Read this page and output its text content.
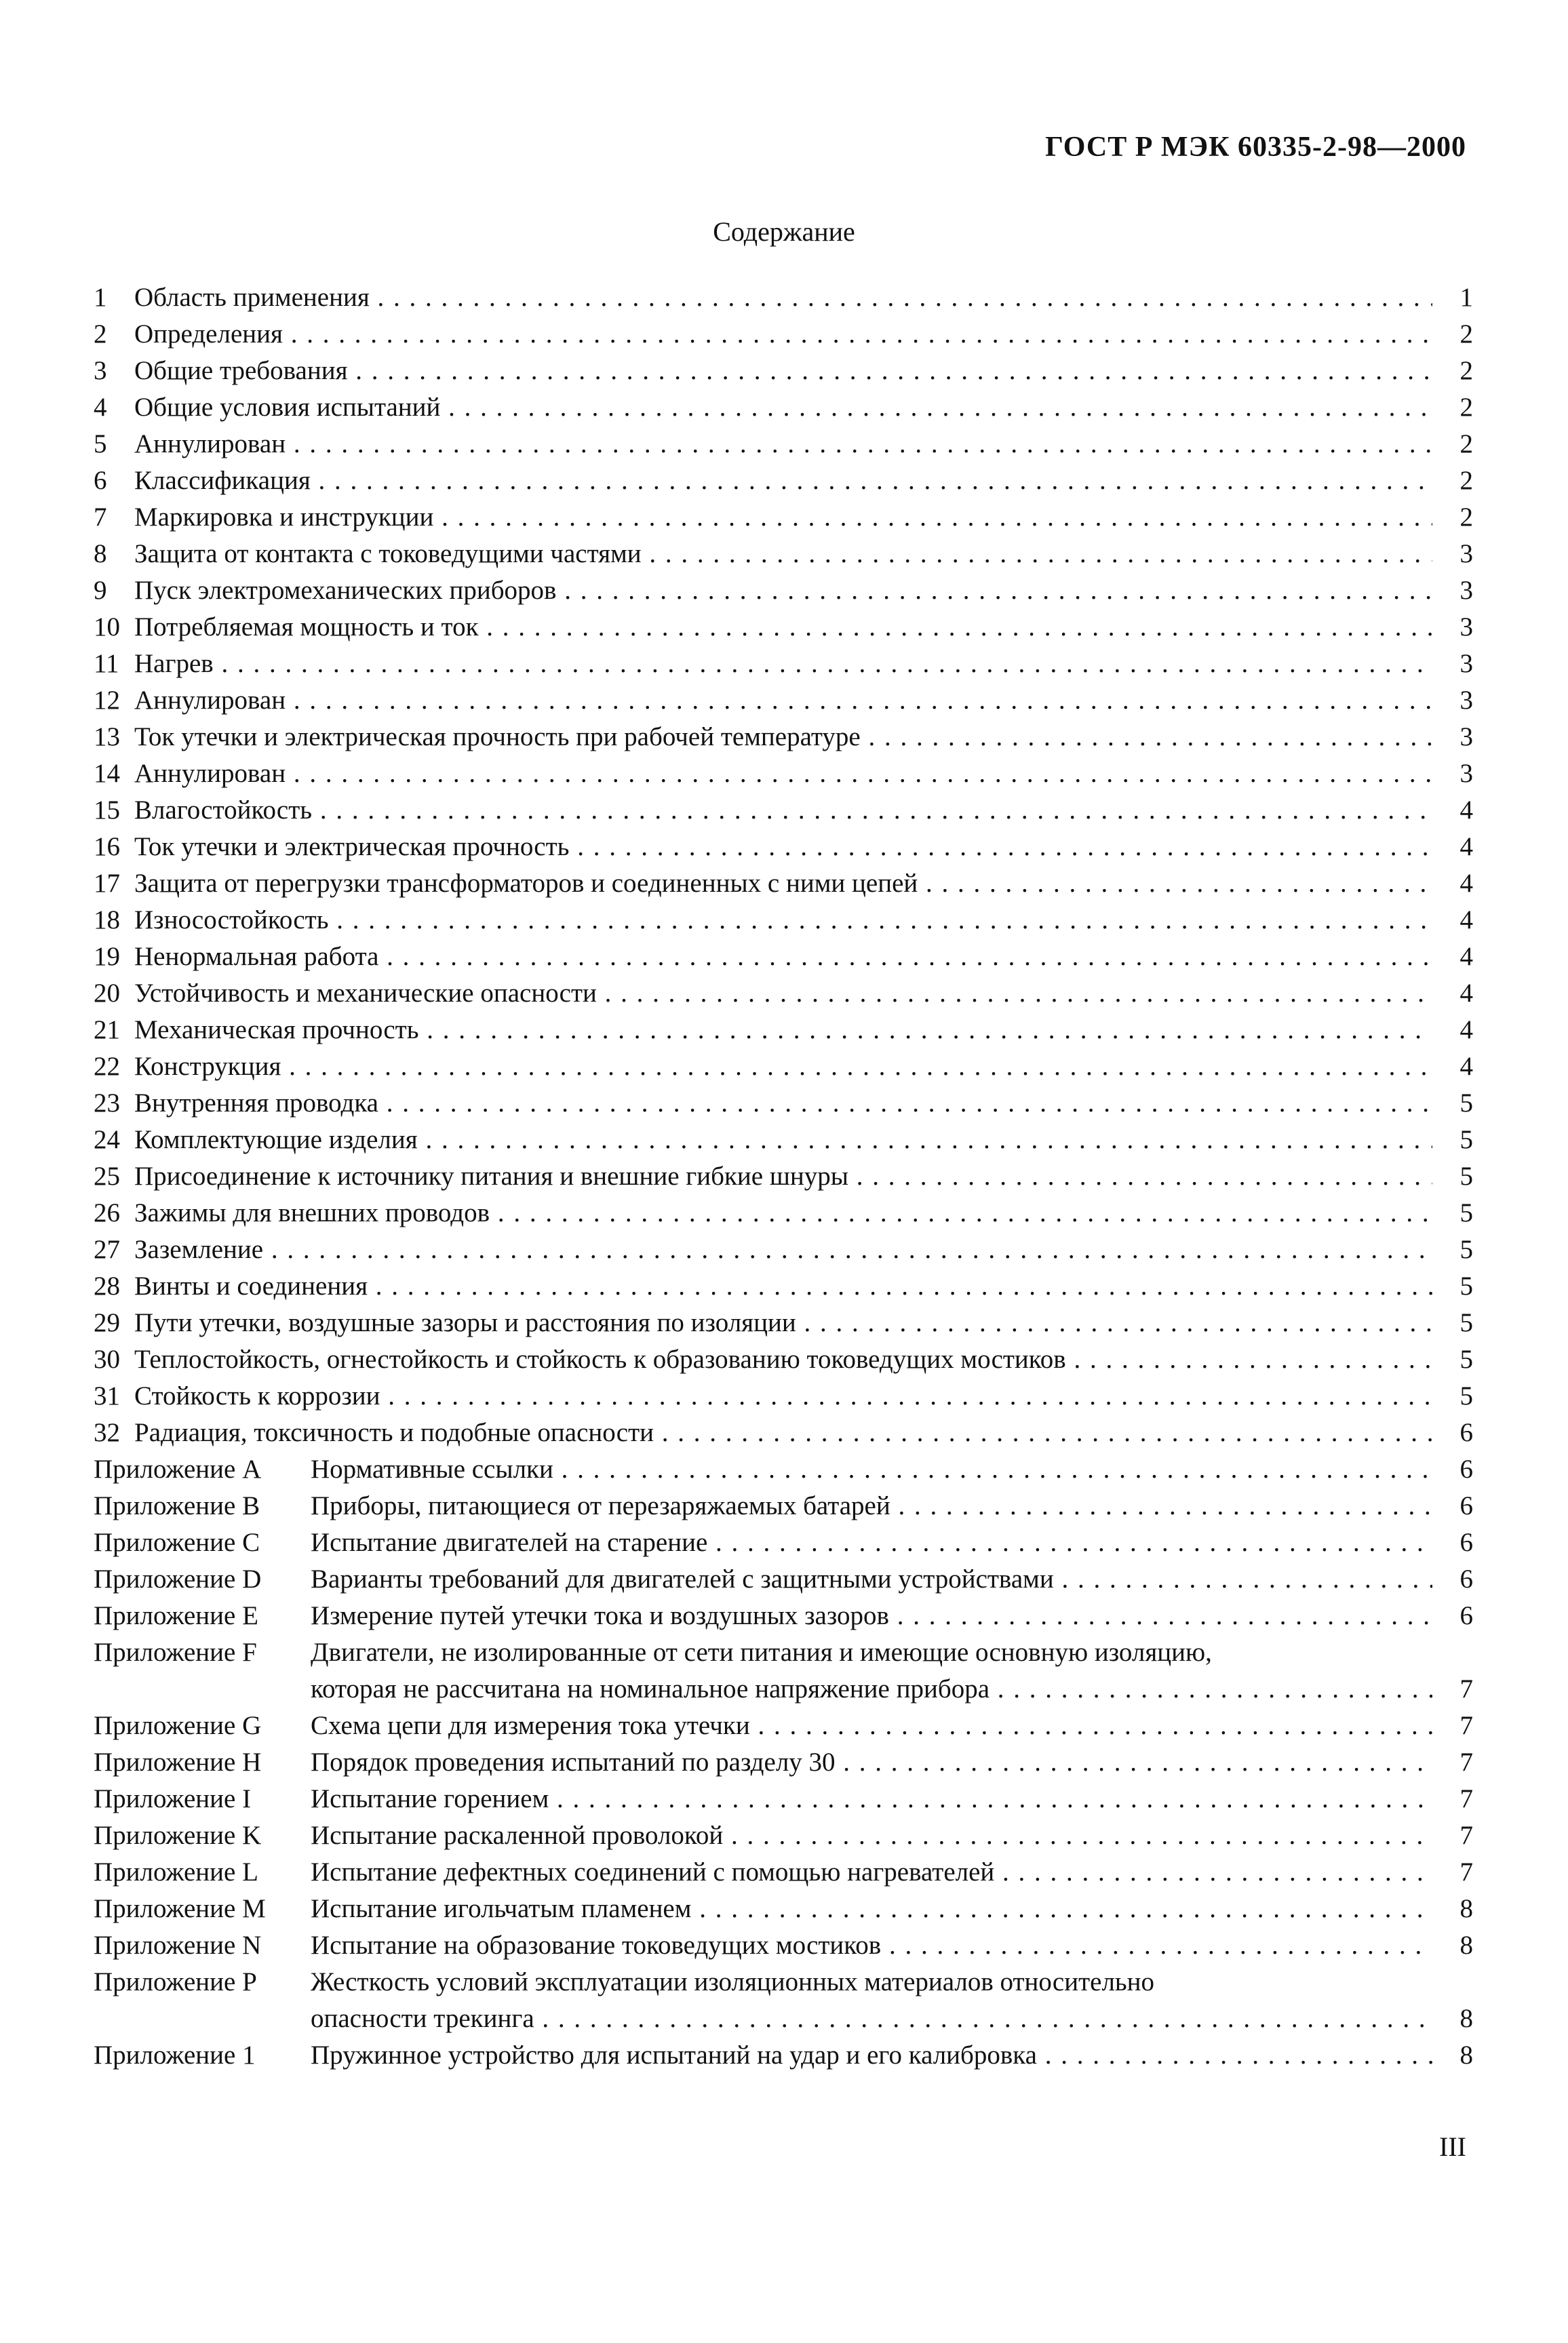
ГОСТ Р МЭК 60335-2-98—2000
Содержание
1 Область применения . . .	1
2 Определения . . .	2
3 Общие требования . . .	2
4 Общие условия испытаний . . .	2
5 Аннулирован . . .	2
6 Классификация . . .	2
7 Маркировка и инструкции . . .	2
8 Защита от контакта с токоведущими частями . . .	3
9 Пуск электромеханических приборов . . .	3
10 Потребляемая мощность и ток . . .	3
11 Нагрев . . .	3
12 Аннулирован . . .	3
13 Ток утечки и электрическая прочность при рабочей температуре . . .	3
14 Аннулирован . . .	3
15 Влагостойкость . . .	4
16 Ток утечки и электрическая прочность . . .	4
17 Защита от перегрузки трансформаторов и соединенных с ними цепей . . .	4
18 Износостойкость . . .	4
19 Ненормальная работа . . .	4
20 Устойчивость и механические опасности . . .	4
21 Механическая прочность . . .	4
22 Конструкция . . .	4
23 Внутренняя проводка . . .	5
24 Комплектующие изделия . . .	5
25 Присоединение к источнику питания и внешние гибкие шнуры . . .	5
26 Зажимы для внешних проводов . . .	5
27 Заземление . . .	5
28 Винты и соединения . . .	5
29 Пути утечки, воздушные зазоры и расстояния по изоляции . . .	5
30 Теплостойкость, огнестойкость и стойкость к образованию токоведущих мостиков . . .	5
31 Стойкость к коррозии . . .	5
32 Радиация, токсичность и подобные опасности . . .	6
Приложение A Нормативные ссылки . . .	6
Приложение B Приборы, питающиеся от перезаряжаемых батарей . . .	6
Приложение C Испытание двигателей на старение . . .	6
Приложение D Варианты требований для двигателей с защитными устройствами . . .	6
Приложение E Измерение путей утечки тока и воздушных зазоров . . .	6
Приложение F Двигатели, не изолированные от сети питания и имеющие основную изоляцию,
которая не рассчитана на номинальное напряжение прибора . . .	7
Приложение G Схема цепи для измерения тока утечки . . .	7
Приложение H Порядок проведения испытаний по разделу 30 . . .	7
Приложение I Испытание горением . . .	7
Приложение K Испытание раскаленной проволокой . . .	7
Приложение L Испытание дефектных соединений с помощью нагревателей . . .	7
Приложение M Испытание игольчатым пламенем . . .	8
Приложение N Испытание на образование токоведущих мостиков . . .	8
Приложение P Жесткость условий эксплуатации изоляционных материалов относительно
опасности трекинга . . .	8
Приложение 1 Пружинное устройство для испытаний на удар и его калибровка . . .	8
III
